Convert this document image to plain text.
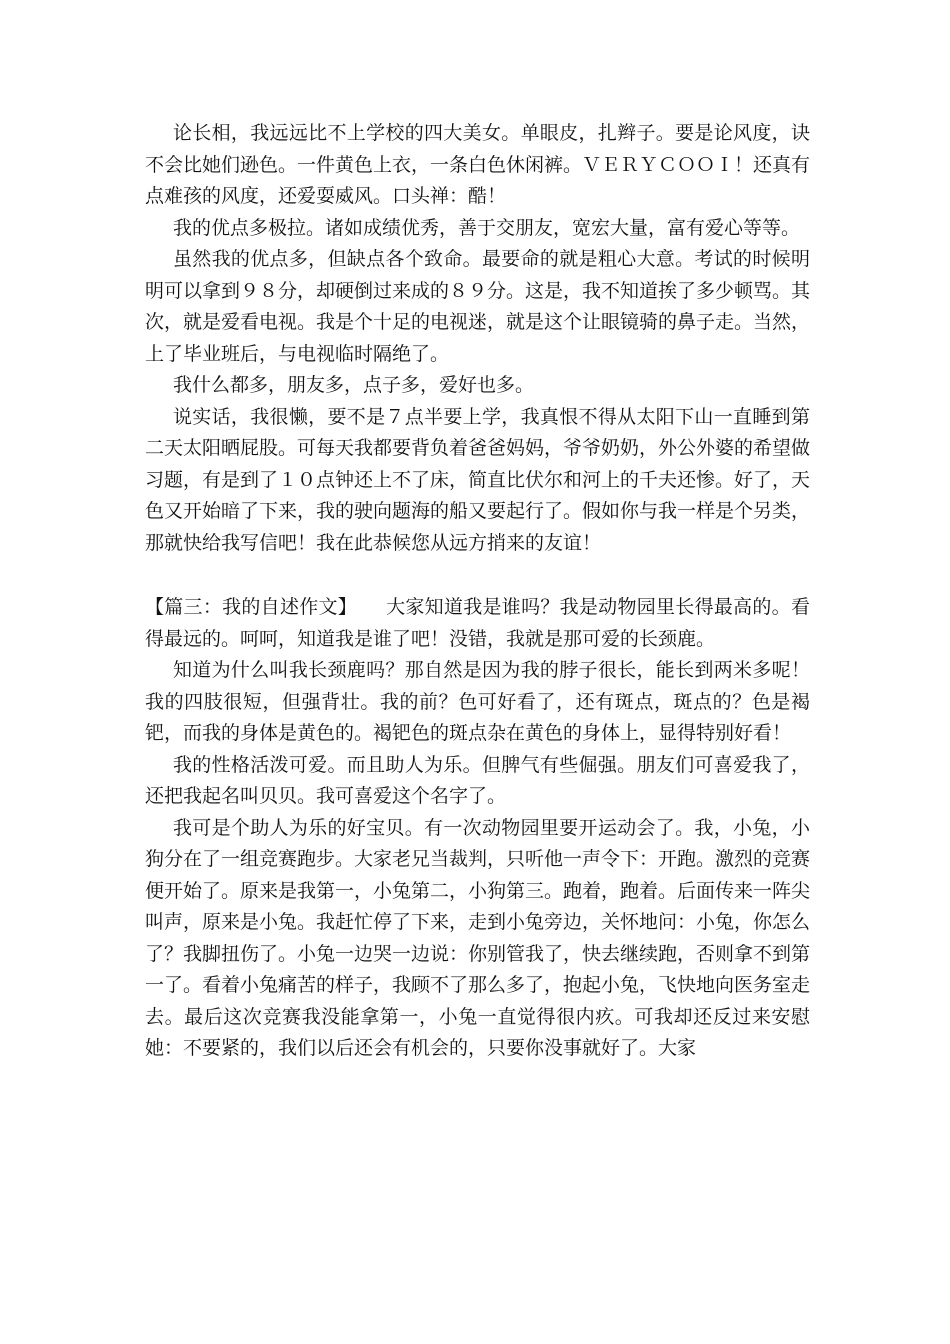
论长相，我远远比不上学校的四大美女。单眼皮，扎辫子。要是论风度，诀不会比她们逊色。一件黄色上衣，一条白色休闲裤。ＶＥＲＹＣＯＯＩ！还真有点难孩的风度，还爱耍威风。口头禅：酷！

我的优点多极拉。诸如成绩优秀，善于交朋友，宽宏大量，富有爱心等等。

虽然我的优点多，但缺点各个致命。最要命的就是粗心大意。考试的时候明明可以拿到９８分，却硬倒过来成的８９分。这是，我不知道挨了多少顿骂。其次，就是爱看电视。我是个十足的电视迷，就是这个让眼镜骑的鼻子走。当然，上了毕业班后，与电视临时隔绝了。

我什么都多，朋友多，点子多，爱好也多。

说实话，我很懒，要不是７点半要上学，我真恨不得从太阳下山一直睡到第二天太阳晒屁股。可每天我都要背负着爸爸妈妈，爷爷奶奶，外公外婆的希望做习题，有是到了１０点钟还上不了床，简直比伏尔和河上的千夫还惨。好了，天色又开始暗了下来，我的驶向题海的船又要起行了。假如你与我一样是个另类，那就快给我写信吧！我在此恭候您从远方捎来的友谊！

【篇三：我的自述作文】　　 大家知道我是谁吗？我是动物园里长得最高的。看得最远的。呵呵，知道我是谁了吧！没错，我就是那可爱的长颈鹿。

知道为什么叫我长颈鹿吗？那自然是因为我的脖子很长，能长到两米多呢！我的四肢很短，但强背壮。我的前？色可好看了，还有斑点，斑点的？色是褐钯，而我的身体是黄色的。褐钯色的斑点杂在黄色的身体上，显得特别好看！

我的性格活泼可爱。而且助人为乐。但脾气有些倔强。朋友们可喜爱我了，还把我起名叫贝贝。我可喜爱这个名字了。

我可是个助人为乐的好宝贝。有一次动物园里要开运动会了。我，小兔，小狗分在了一组竞赛跑步。大家老兄当裁判，只听他一声令下：开跑。激烈的竞赛便开始了。原来是我第一，小兔第二，小狗第三。跑着，跑着。后面传来一阵尖叫声，原来是小兔。我赶忙停了下来，走到小兔旁边，关怀地问：小兔，你怎么了？我脚扭伤了。小兔一边哭一边说：你别管我了，快去继续跑，否则拿不到第一了。看着小兔痛苦的样子，我顾不了那么多了，抱起小兔，飞快地向医务室走去。最后这次竞赛我没能拿第一，小兔一直觉得很内疚。可我却还反过来安慰她：不要紧的，我们以后还会有机会的，只要你没事就好了。大家
